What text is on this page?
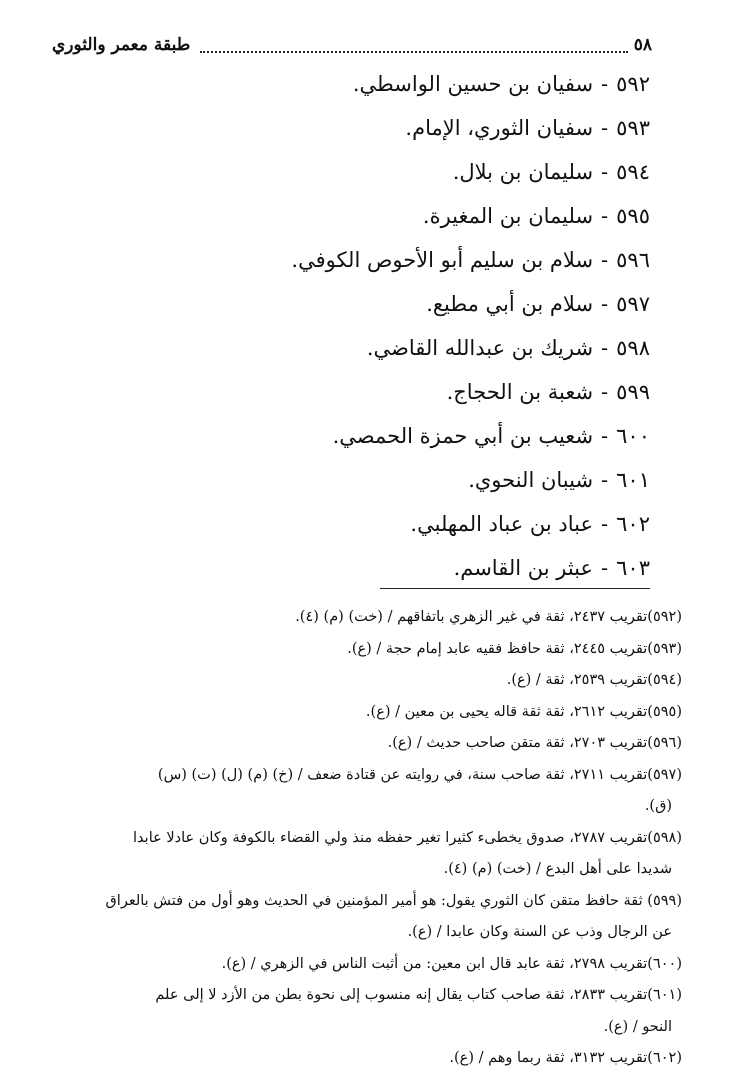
طبقة معمر والثوري	٥٨
٥٩٢-سفيان بن حسين الواسطي.
٥٩٣-سفيان الثوري، الإمام.
٥٩٤-سليمان بن بلال.
٥٩٥-سليمان بن المغيرة.
٥٩٦-سلام بن سليم أبو الأحوص الكوفي.
٥٩٧-سلام بن أبي مطيع.
٥٩٨-شريك بن عبدالله القاضي.
٥٩٩-شعبة بن الحجاج.
٦٠٠-شعيب بن أبي حمزة الحمصي.
٦٠١-شيبان النحوي.
٦٠٢-عباد بن عباد المهلبي.
٦٠٣-عبثر بن القاسم.
(٥٩٢)تقريب ٢٤٣٧، ثقة في غير الزهري باتفاقهم / (خت) (م) (٤).
(٥٩٣)تقريب ٢٤٤٥، ثقة حافظ فقيه عابد إمام حجة / (ع).
(٥٩٤)تقريب ٢٥٣٩، ثقة / (ع).
(٥٩٥)تقريب ٢٦١٢، ثقة ثقة قاله يحيى بن معين / (ع).
(٥٩٦)تقريب ٢٧٠٣، ثقة متقن صاحب حديث / (ع).
(٥٩٧)تقريب ٢٧١١، ثقة صاحب سنة، في روايته عن قتادة ضعف / (خ) (م) (ل) (ت) (س)
(ق).
(٥٩٨)تقريب ٢٧٨٧، صدوق يخطىء كثيرا تغير حفظه منذ ولي القضاء بالكوفة وكان عادلا عابدا
شديدا على أهل البدع / (خت) (م) (٤).
(٥٩٩) ثقة حافظ متقن كان الثوري يقول: هو أمير المؤمنين في الحديث وهو أول من فتش بالعراق
عن الرجال وذب عن السنة وكان عابدا / (ع).
(٦٠٠)تقريب ٢٧٩٨، ثقة عابد قال ابن معين: من أثبت الناس في الزهري / (ع).
(٦٠١)تقريب ٢٨٣٣، ثقة صاحب كتاب يقال إنه منسوب إلى نحوة بطن من الأزد لا إلى علم
النحو / (ع).
(٦٠٢)تقريب ٣١٣٢، ثقة ربما وهم / (ع).
